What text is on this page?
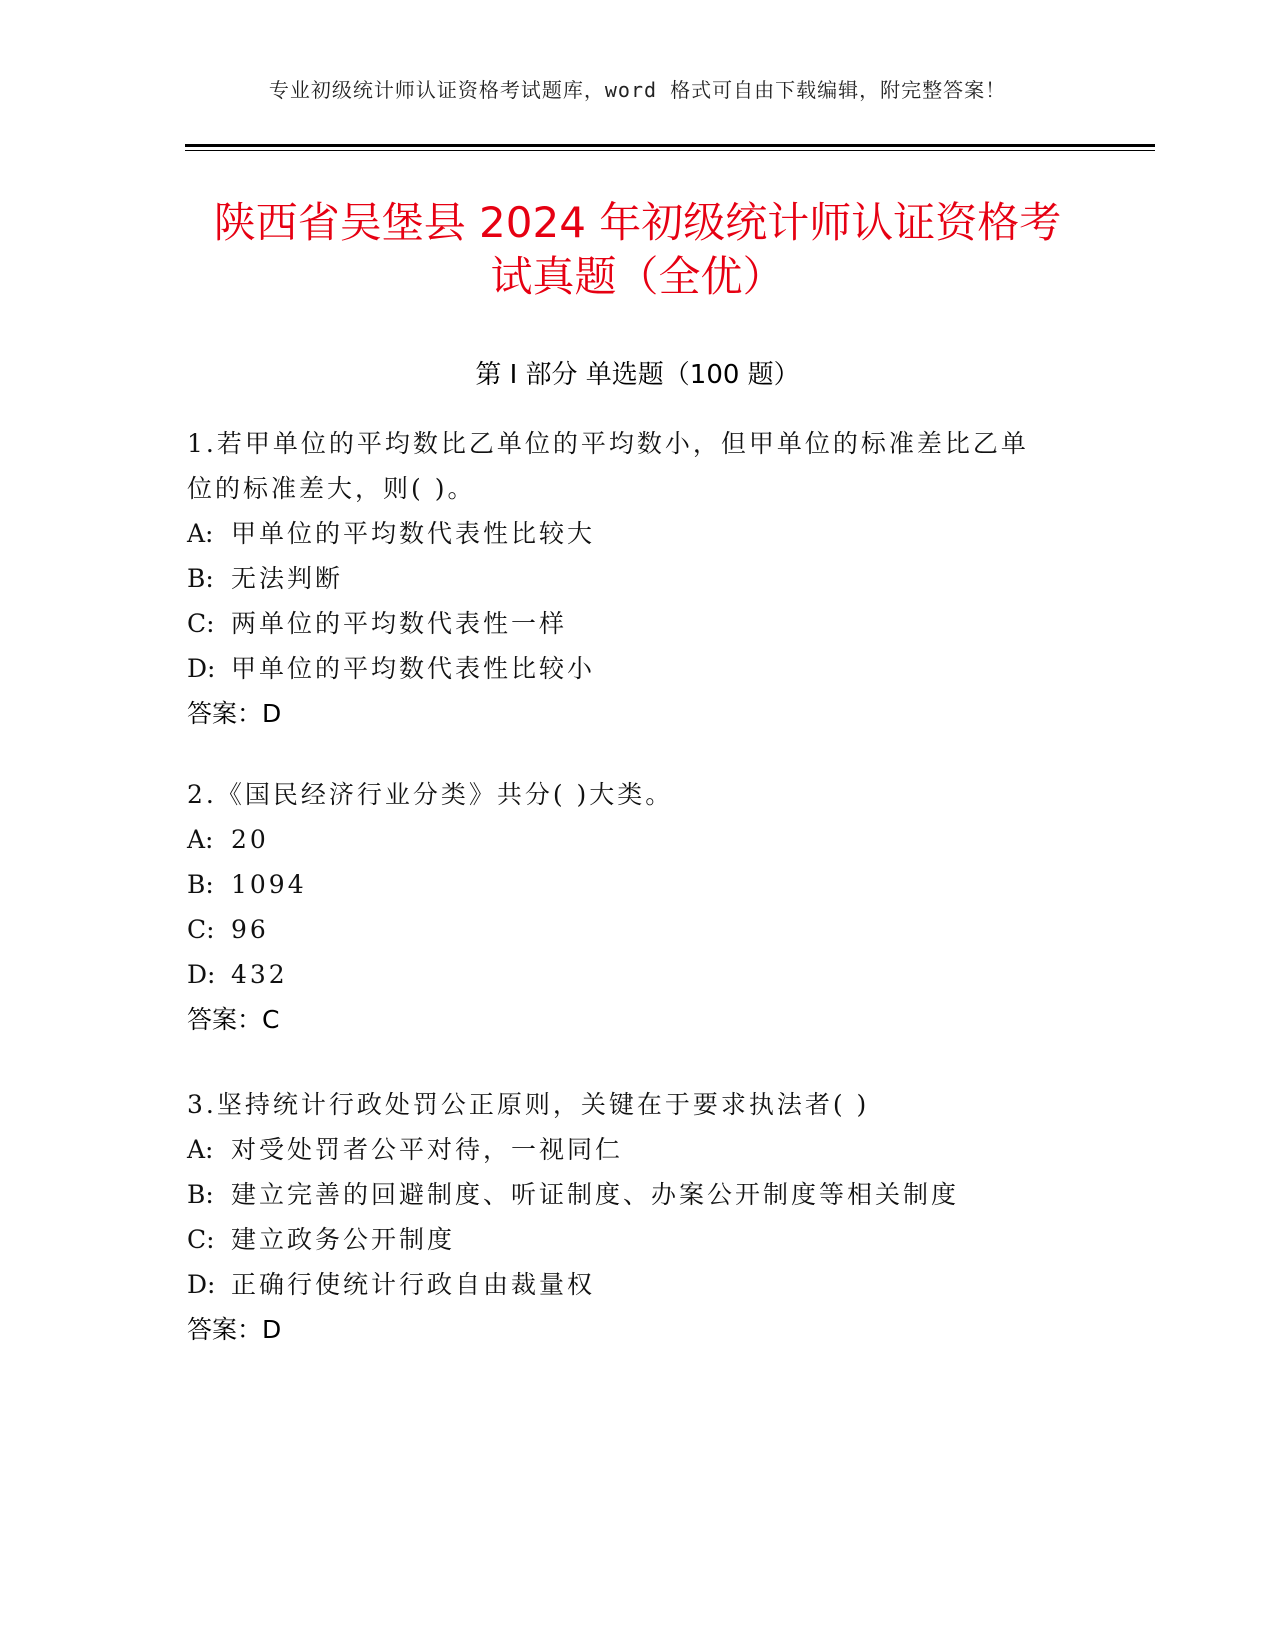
专业初级统计师认证资格考试题库，word 格式可自由下载编辑，附完整答案！
陕西省吴堡县 2024 年初级统计师认证资格考
试真题（全优）
第 I 部分 单选题（100 题）

1.若甲单位的平均数比乙单位的平均数小，但甲单位的标准差比乙单

位的标准差大，则( )。

A: 甲单位的平均数代表性比较大

B: 无法判断

C: 两单位的平均数代表性一样

D: 甲单位的平均数代表性比较小

答案：D

2.《国民经济行业分类》共分( )大类。

A: 20

B: 1094

C: 96

D: 432

答案：C

3.坚持统计行政处罚公正原则，关键在于要求执法者( )

A: 对受处罚者公平对待，一视同仁

B: 建立完善的回避制度、听证制度、办案公开制度等相关制度

C: 建立政务公开制度

D: 正确行使统计行政自由裁量权

答案：D
